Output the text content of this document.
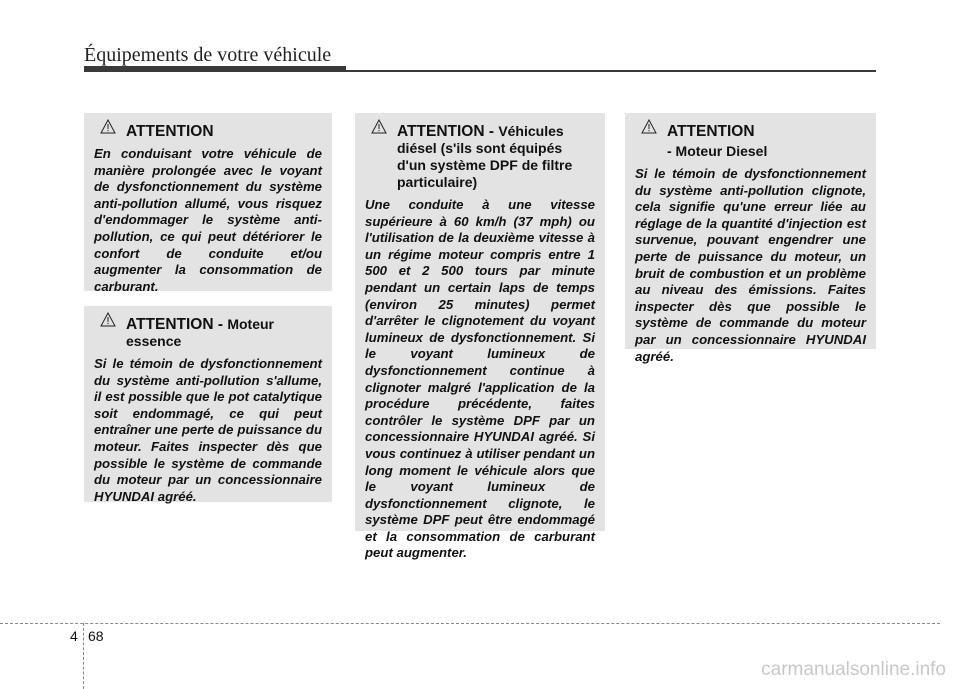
Équipements de votre véhicule
ATTENTION

En conduisant votre véhicule de manière prolongée avec le voyant de dysfonctionnement du système anti-pollution allumé, vous risquez d'endommager le système anti-pollution, ce qui peut détériorer le confort de conduite et/ou augmenter la consommation de carburant.

ATTENTION - Moteur essence

Si le témoin de dysfonctionnement du système anti-pollution s'allume, il est possible que le pot catalytique soit endommagé, ce qui peut entraîner une perte de puissance du moteur. Faites inspecter dès que possible le système de commande du moteur par un concessionnaire HYUNDAI agréé.

ATTENTION - Véhicules diésel (s'ils sont équipés d'un système DPF de filtre particulaire)

Une conduite à une vitesse supérieure à 60 km/h (37 mph) ou l'utilisation de la deuxième vitesse à un régime moteur compris entre 1 500 et 2 500 tours par minute pendant un certain laps de temps (environ 25 minutes) permet d'arrêter le clignotement du voyant lumineux de dysfonctionnement. Si le voyant lumineux de dysfonctionnement continue à clignoter malgré l'application de la procédure précédente, faites contrôler le système DPF par un concessionnaire HYUNDAI agréé. Si vous continuez à utiliser pendant un long moment le véhicule alors que le voyant lumineux de dysfonctionnement clignote, le système DPF peut être endommagé et la consommation de carburant peut augmenter.

ATTENTION
- Moteur Diesel

Si le témoin de dysfonctionnement du système anti-pollution clignote, cela signifie qu'une erreur liée au réglage de la quantité d'injection est survenue, pouvant engendrer une perte de puissance du moteur, un bruit de combustion et un problème au niveau des émissions. Faites inspecter dès que possible le système de commande du moteur par un concessionnaire HYUNDAI agréé.

4 68
carmanualsonline.info
